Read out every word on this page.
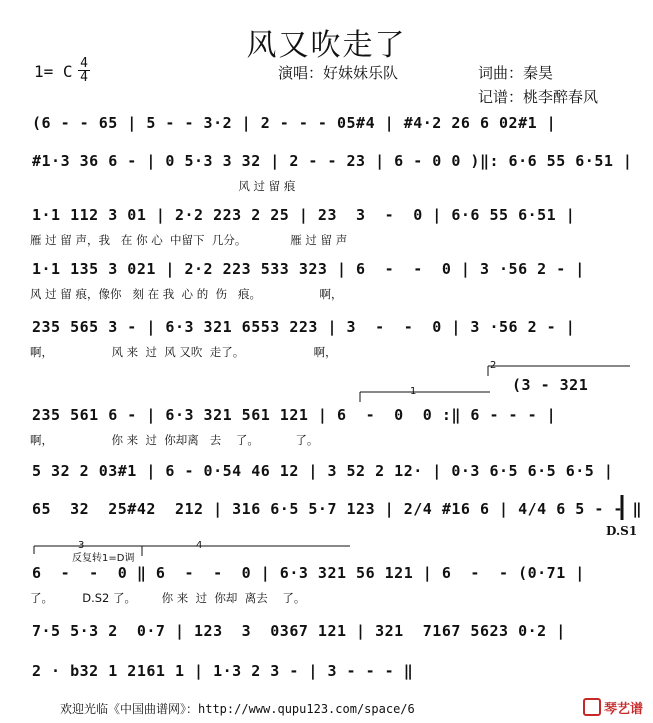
风又吹走了
1= C 4
4	演唱：好妹妹乐队	词曲：秦昊
记谱：桃李醉春风
(6 - - 65 | 5 - - 3·2 | 2 - - - 05#4 | #4·2 26 6 02#1 |
#1·3 36 6 - | 0 5·3 3 32 | 2 - - 23 | 6 - 0 0 )‖: 6·6 55 6·51 |
风 过 留 痕
1·1 112 3 01 | 2·2 223 2 25 | 23  3  -  0 | 6·6 55 6·51 |
雁 过 留 声，我   在 你 心  中留下  几分。            雁 过 留 声
1·1 135 3 021 | 2·2 223 533 323 | 6  -  -  0 | 3 ·56 2 - |
风 过 留 痕，像你   刻 在 我  心 的  伤   痕。                啊，
235 565 3 - | 6·3 321 6553 223 | 3  -  -  0 | 3 ·56 2 - |
啊，                风 来  过  风 又吹  走了。                   啊，
2
(3 - 321
1
235 561 6 - | 6·3 321 561 121 | 6  -  0  0 :‖ 6 - - - |
啊，                你 来  过  你却离   去    了。          了。
5 32 2 03#1 | 6 - 0·54 46 12 | 3 52 2 12· | 0·3 6·5 6·5 6·5 |
65  32  25#42  212 | 316 6·5 5·7 123 | 2/4 #16 6 | 4/4 6 5 - - ‖
D.S1
3	4
反复转1=D调
6  -  -  0 ‖ 6  -  -  0 | 6·3 321 56 121 | 6  -  - (0·71 |
了。        D.S2 了。       你 来  过  你却  离去    了。
7·5 5·3 2  0·7 | 123  3  0367 121 | 321  7167 5623 0·2 |
2 · b32 1 2161 1 | 1·3 2 3 - | 3 - - - ‖
欢迎光临《中国曲谱网》：http://www.qupu123.com/space/6	琴艺谱
